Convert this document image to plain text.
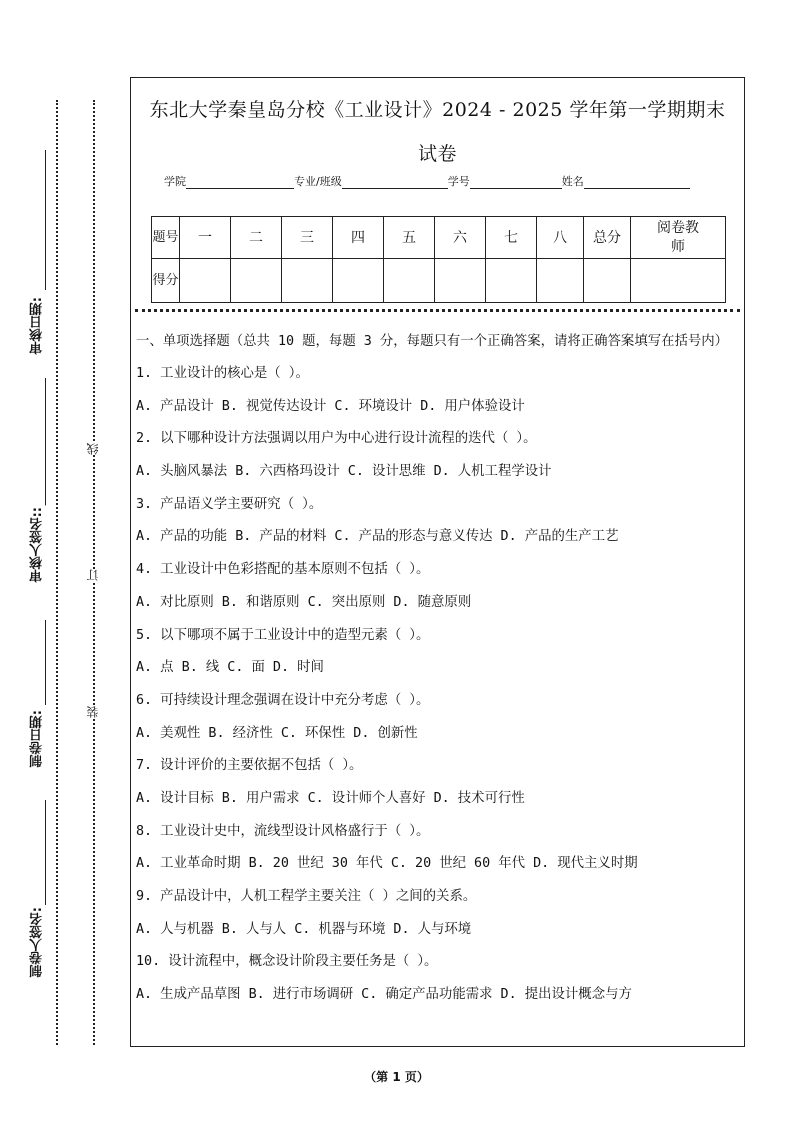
审核日期:
审核人签名::
制卷日期:
制卷人签名:
线
订
装
东北大学秦皇岛分校《工业设计》2024 - 2025 学年第一学期期末
试卷
学院	专业/班级	学号	姓名
题号	一	二	三	四	五	六	七	八	总分	阅卷教师
得分										
一、单项选择题（总共 10 题，每题 3 分，每题只有一个正确答案，请将正确答案填写在括号内）
1. 工业设计的核心是（ ）。
A. 产品设计 B. 视觉传达设计 C. 环境设计 D. 用户体验设计
2. 以下哪种设计方法强调以用户为中心进行设计流程的迭代（ ）。
A. 头脑风暴法 B. 六西格玛设计 C. 设计思维 D. 人机工程学设计
3. 产品语义学主要研究（ ）。
A. 产品的功能 B. 产品的材料 C. 产品的形态与意义传达 D. 产品的生产工艺
4. 工业设计中色彩搭配的基本原则不包括（ ）。
A. 对比原则 B. 和谐原则 C. 突出原则 D. 随意原则
5. 以下哪项不属于工业设计中的造型元素（ ）。
A. 点 B. 线 C. 面 D. 时间
6. 可持续设计理念强调在设计中充分考虑（ ）。
A. 美观性 B. 经济性 C. 环保性 D. 创新性
7. 设计评价的主要依据不包括（ ）。
A. 设计目标 B. 用户需求 C. 设计师个人喜好 D. 技术可行性
8. 工业设计史中，流线型设计风格盛行于（ ）。
A. 工业革命时期 B. 20 世纪 30 年代 C. 20 世纪 60 年代 D. 现代主义时期
9. 产品设计中，人机工程学主要关注（ ）之间的关系。
A. 人与机器 B. 人与人 C. 机器与环境 D. 人与环境
10. 设计流程中，概念设计阶段主要任务是（ ）。
A. 生成产品草图 B. 进行市场调研 C. 确定产品功能需求 D. 提出设计概念与方
（第 1 页）
